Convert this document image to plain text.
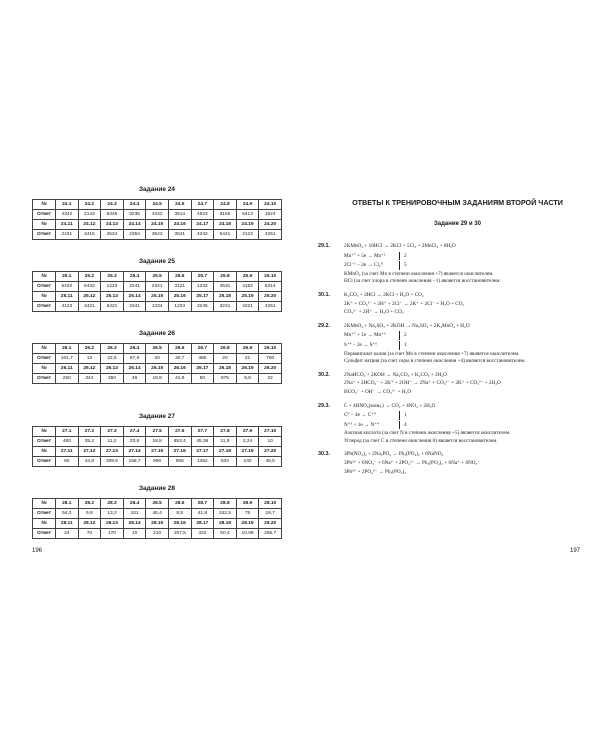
Задание 24
№	24.1	24.2	24.3	24.4	24.5	24.6	24.7	24.8	24.9	24.10
Ответ	4342	2143	5345	3235	3432	3514	4523	3155	5413	1524
№	24.11	24.12	24.13	24.14	24.15	24.16	24.17	24.18	24.19	24.20
Ответ	2431	3415	2524	2354	3542	3541	4342	5441	2122	4251
Задание 25
№	25.1	25.2	25.3	25.4	25.5	25.6	25.7	25.8	25.9	25.10
Ответ	5432	5432	1223	2241	2341	3121	1232	4531	4152	5314
№	25.11	25.12	25.13	25.14	25.15	25.16	25.17	25.18	25.19	25.20
Ответ	4123	3421	5421	2341	1234	1234	3245	3221	4221	4251
Задание 26
№	26.1	26.2	26.3	26.4	26.5	26.6	26.7	26.8	26.9	26.10
Ответ	101,7	13	22,5	87,5	20	30,7	385	20	21	750
№	26.11	26.12	26.13	26.14	26.15	26.16	26.17	26.18	26.19	26.20
Ответ	250	344	350	46	16,8	41,8	50	875	5,8	22
Задание 27
№	27.1	27.2	27.3	27.4	27.5	27.6	27.7	27.8	27.9	27.10
Ответ	460	35,2	11,2	33,6	18,8	653,4	45,36	11,9	2,24	10
№	27.11	27.12	27.13	27.14	27.15	27.16	27.17	27.18	27.19	27.20
Ответ	60	44,8	309,6	158,7	890	565	1452	534	240	45,5
Задание 28
№	28.1	28.2	28.3	28.4	28.5	28.6	28.7	28.8	28.9	28.10
Ответ	54,3	9,8	13,2	101	46,4	8,5	41,8	242,5	75	19,7
№	28.11	28.12	28.13	28.14	28.15	28.16	28.17	28.18	28.19	28.20
Ответ	24	70	170	10	210	187,5	322	50,4	10,08	266,7
196
ОТВЕТЫ К ТРЕНИРОВОЧНЫМ ЗАДАНИЯМ ВТОРОЙ ЧАСТИ
Задание 29 и 30
29.1.	2KMnO₄ + 16HCl → 2KCl + 5Cl₂ + 2MnCl₂ + 8H₂O
Mn⁺⁷ + 5e → Mn⁺²	2
2Cl⁻¹ − 2e → Cl₂⁰	5
KMnO₄ (за счет Mn в степени окисления +7) является окислителем.
HCl (за счет хлора в степени окисления −1) является восстановителем.
30.1.	K₂CO₃ + 2HCl → 2KCl + H₂O + CO₂
2K⁺ + CO₃²⁻ + 2H⁺ + 2Cl⁻ → 2K⁺ + 2Cl⁻ + H₂O + CO₂
CO₃²⁻ + 2H⁺ → H₂O + CO₂
29.2.	2KMnO₄ + Na₂SO₃ + 2KOH → Na₂SO₄ + 2K₂MnO₄ + H₂O
Mn⁺⁷ + 1e → Mn⁺⁶	2
S⁺⁴ − 2e → S⁺⁶	1
Перманганат калия (за счет Mn в степени окисления +7) является окислителем.
Сульфит натрия (за счет серы в степени окисления +4) является восстановителем.
30.2.	2NaHCO₃ + 2KOH → Na₂CO₃ + K₂CO₃ + 2H₂O
2Na⁺ + 2HCO₃⁻ + 2K⁺ + 2OH⁻ → 2Na⁺ + CO₃²⁻ + 2K⁺ + CO₃²⁻ + 2H₂O
HCO₃⁻ + OH⁻ → CO₃²⁻ + H₂O
29.3.	C + 4HNO₃(конц.) → CO₂ + 4NO₂ + 2H₂O
C⁰ − 4e → C⁺⁴	1
N⁺⁵ + 1e → N⁺⁴	4
Азотная кислота (за счет N в степени окисления +5) является окислителем.
Углерод (за счет C в степени окисления 0) является восстановителем.
30.3.	3Pb(NO₃)₂ + 2Na₃PO₄ → Pb₃(PO₄)₂ + 6NaNO₃
3Pb²⁺ + 6NO₃⁻ + 6Na⁺ + 2PO₄³⁻ → Pb₃(PO₄)₂ + 6Na⁺ + 6NO₃⁻
3Pb²⁺ + 2PO₄³⁻ → Pb₃(PO₄)₂
197
